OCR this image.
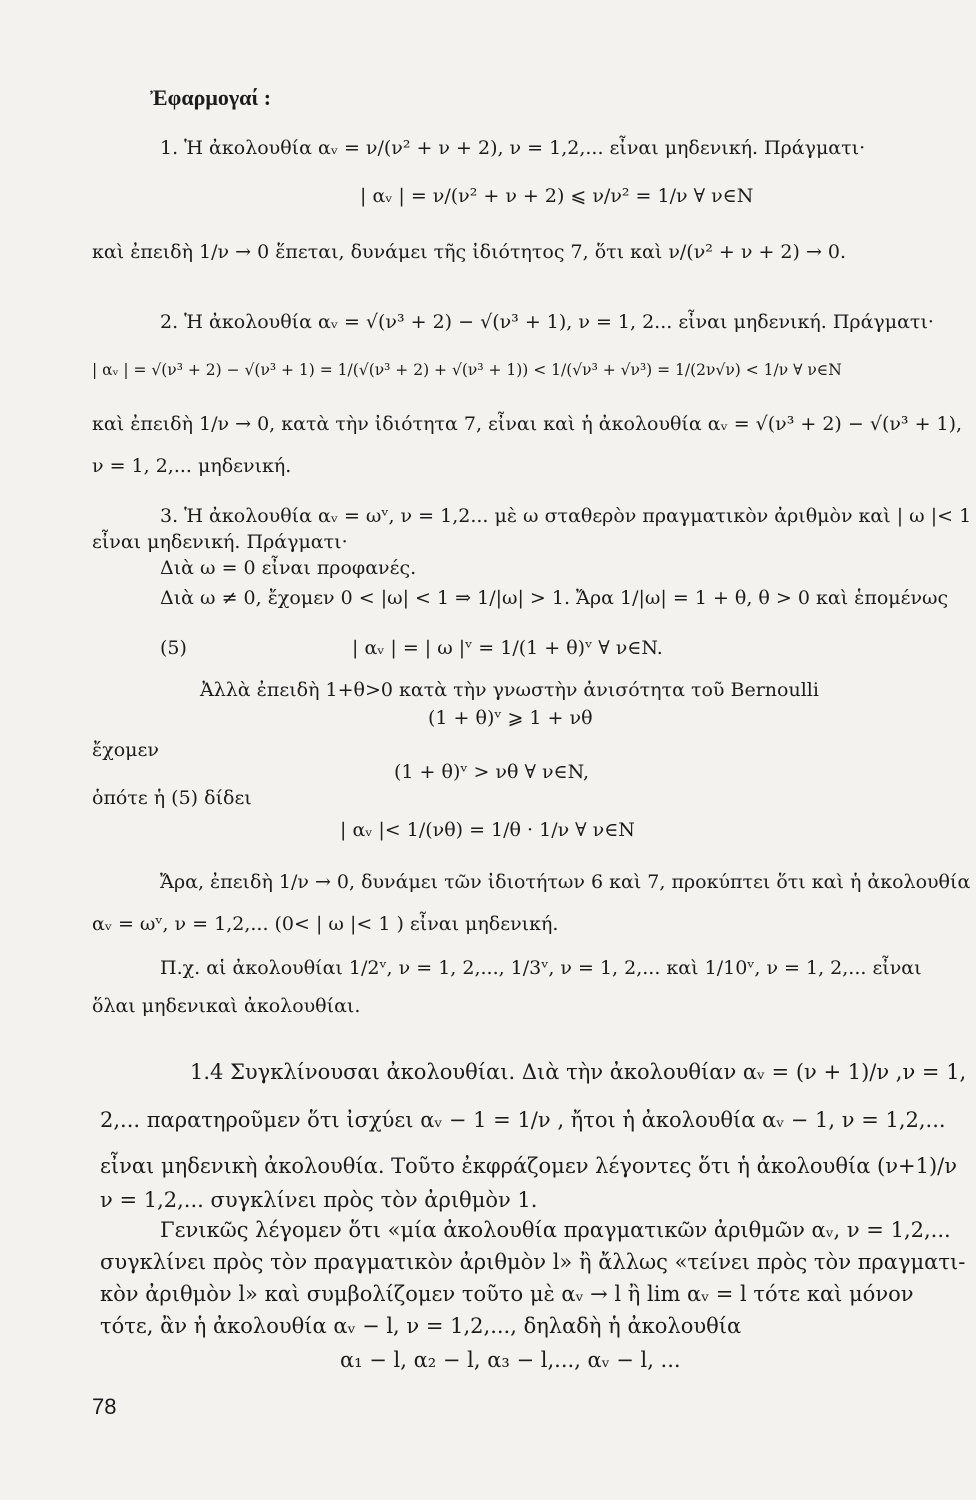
Ἐφαρμογαί :
1. Ἡ ἀκολουθία αᵥ = ν/(ν² + ν + 2), ν = 1,2,... εἶναι μηδενική. Πράγματι·
| αᵥ | = ν/(ν² + ν + 2) ⩽ ν/ν² = 1/ν ∀ ν∈N
καὶ ἐπειδὴ 1/ν → 0 ἕπεται, δυνάμει τῆς ἰδιότητος 7, ὅτι καὶ ν/(ν² + ν + 2) → 0.
2. Ἡ ἀκολουθία αᵥ = √(ν³ + 2) − √(ν³ + 1), ν = 1, 2... εἶναι μηδενική. Πράγματι·
| αᵥ | = √(ν³ + 2) − √(ν³ + 1) = 1/(√(ν³ + 2) + √(ν³ + 1)) < 1/(√ν³ + √ν³) = 1/(2ν√ν) < 1/ν ∀ ν∈N
καὶ ἐπειδὴ 1/ν → 0, κατὰ τὴν ἰδιότητα 7, εἶναι καὶ ἡ ἀκολουθία αᵥ = √(ν³ + 2) − √(ν³ + 1),
ν = 1, 2,... μηδενική.
3. Ἡ ἀκολουθία αᵥ = ωᵛ, ν = 1,2... μὲ ω σταθερὸν πραγματικὸν ἀριθμὸν καὶ | ω |< 1
εἶναι μηδενική. Πράγματι·
Διὰ ω = 0 εἶναι προφανές.
Διὰ ω ≠ 0, ἔχομεν 0 < |ω| < 1 ⇒ 1/|ω| > 1. Ἄρα 1/|ω| = 1 + θ, θ > 0 καὶ ἑπομένως
(5)	| αᵥ | = | ω |ᵛ = 1/(1 + θ)ᵛ ∀ ν∈N.
Ἀλλὰ ἐπειδὴ 1+θ>0 κατὰ τὴν γνωστὴν ἀνισότητα τοῦ Bernoulli
(1 + θ)ᵛ ⩾ 1 + νθ
ἔχομεν
(1 + θ)ᵛ > νθ ∀ ν∈N,
ὁπότε ἡ (5) δίδει
| αᵥ |< 1/(νθ) = 1/θ · 1/ν ∀ ν∈N
Ἄρα, ἐπειδὴ 1/ν → 0, δυνάμει τῶν ἰδιοτήτων 6 καὶ 7, προκύπτει ὅτι καὶ ἡ ἀκολουθία
αᵥ = ωᵛ, ν = 1,2,... (0< | ω |< 1 ) εἶναι μηδενική.
Π.χ. αἱ ἀκολουθίαι 1/2ᵛ, ν = 1, 2,..., 1/3ᵛ, ν = 1, 2,... καὶ 1/10ᵛ, ν = 1, 2,... εἶναι
ὅλαι μηδενικαὶ ἀκολουθίαι.
1.4 Συγκλίνουσαι ἀκολουθίαι. Διὰ τὴν ἀκολουθίαν αᵥ = (ν + 1)/ν ,ν = 1,
2,... παρατηροῦμεν ὅτι ἰσχύει αᵥ − 1 = 1/ν , ἤτοι ἡ ἀκολουθία αᵥ − 1, ν = 1,2,...
εἶναι μηδενικὴ ἀκολουθία. Τοῦτο ἐκφράζομεν λέγοντες ὅτι ἡ ἀκολουθία (ν+1)/ν
ν = 1,2,... συγκλίνει πρὸς τὸν ἀριθμὸν 1.
Γενικῶς λέγομεν ὅτι «μία ἀκολουθία πραγματικῶν ἀριθμῶν αᵥ, ν = 1,2,...
συγκλίνει πρὸς τὸν πραγματικὸν ἀριθμὸν l» ἢ ἄλλως «τείνει πρὸς τὸν πραγματι-
κὸν ἀριθμὸν l» καὶ συμβολίζομεν τοῦτο μὲ αᵥ → l ἢ lim αᵥ = l τότε καὶ μόνον
τότε, ἂν ἡ ἀκολουθία αᵥ − l, ν = 1,2,..., δηλαδὴ ἡ ἀκολουθία
α₁ − l, α₂ − l, α₃ − l,..., αᵥ − l, ...
78
